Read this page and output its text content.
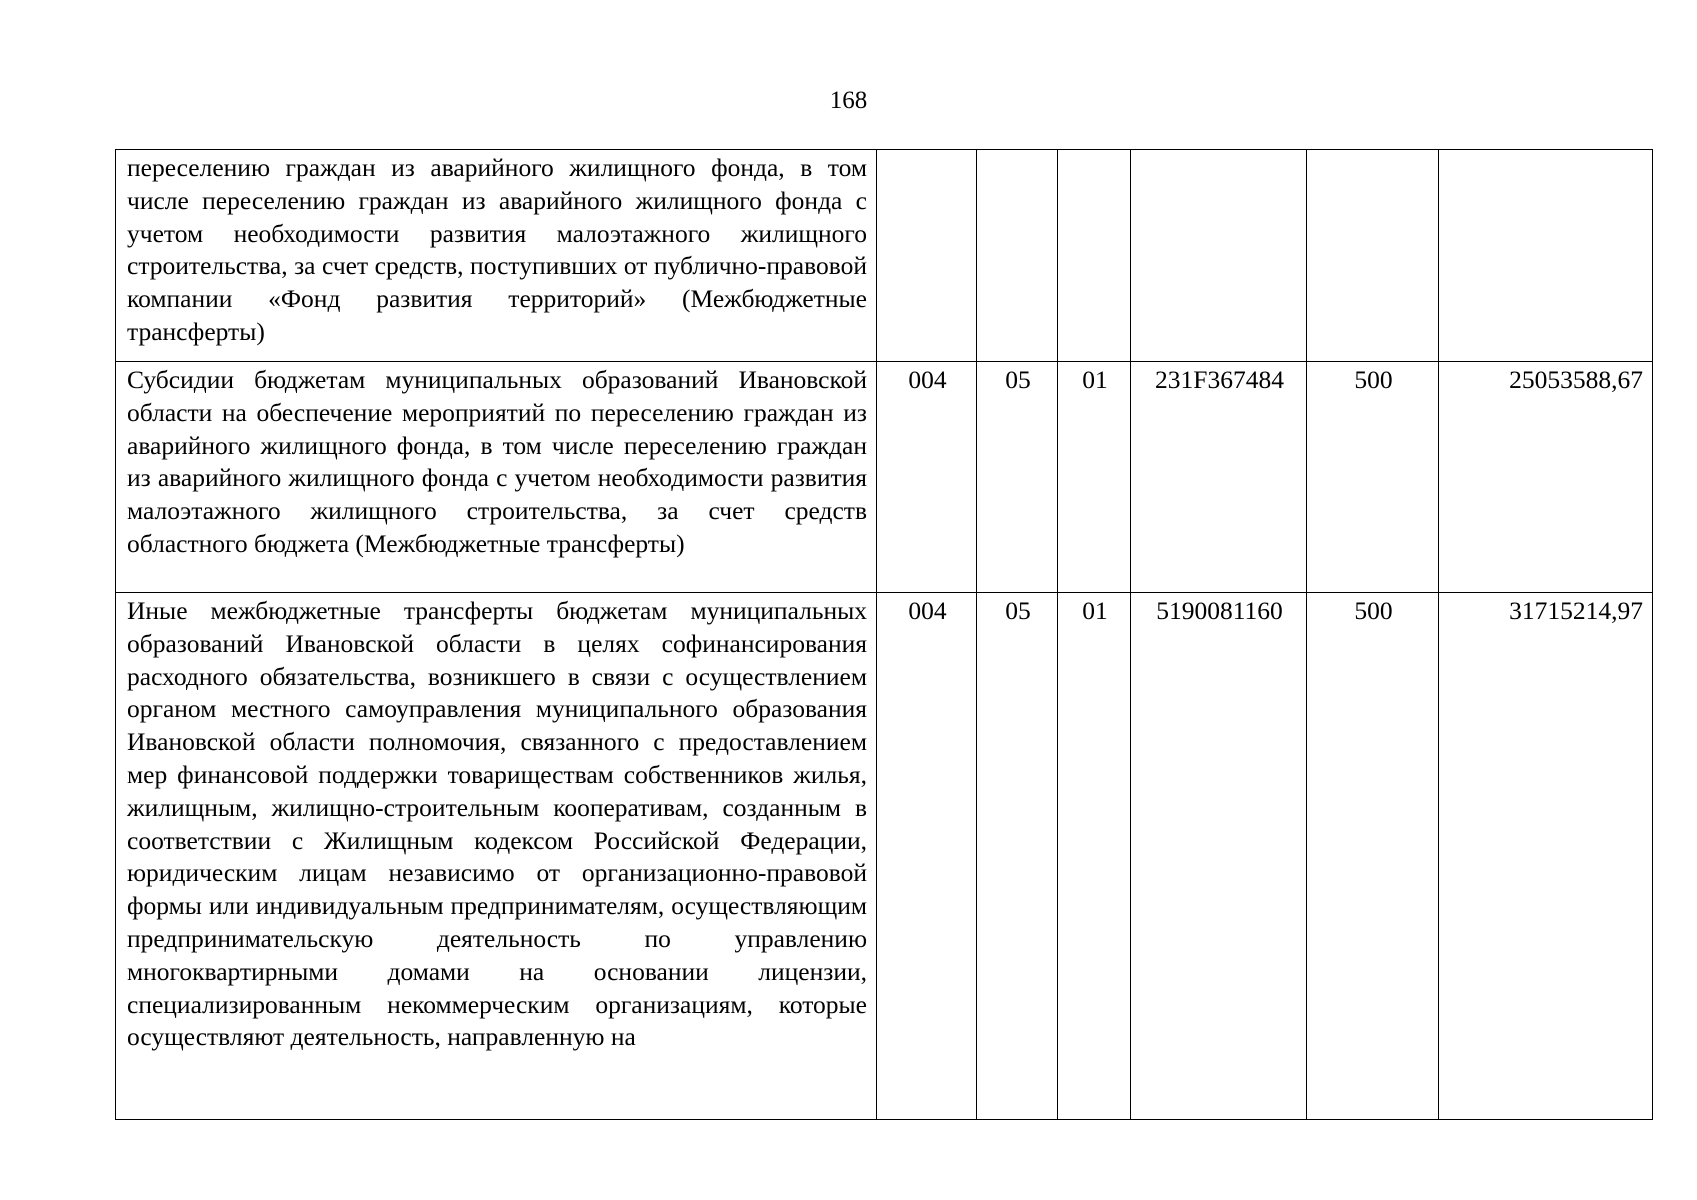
168
переселению граждан из аварийного жилищного фонда, в том числе переселению граждан из аварийного жилищного фонда с учетом необходимости развития малоэтажного жилищного строительства, за счет средств, поступивших от публично-правовой компании «Фонд развития территорий» (Межбюджетные трансферты)						
Субсидии бюджетам муниципальных образований Ивановской области на обеспечение мероприятий по переселению граждан из аварийного жилищного фонда, в том числе переселению граждан из аварийного жилищного фонда с учетом необходимости развития малоэтажного жилищного строительства, за счет средств областного бюджета (Межбюджетные трансферты)	004	05	01	231F367484	500	25053588,67
Иные межбюджетные трансферты бюджетам муниципальных образований Ивановской области в целях софинансирования расходного обязательства, возникшего в связи с осуществлением органом местного самоуправления муниципального образования Ивановской области полномочия, связанного с предоставлением мер финансовой поддержки товариществам собственников жилья, жилищным, жилищно-строительным кооперативам, созданным в соответствии с Жилищным кодексом Российской Федерации, юридическим лицам независимо от организационно-правовой формы или индивидуальным предпринимателям, осуществляющим предпринимательскую деятельность по управлению многоквартирными домами на основании лицензии, специализированным некоммерческим организациям, которые осуществляют деятельность, направленную на	004	05	01	5190081160	500	31715214,97
